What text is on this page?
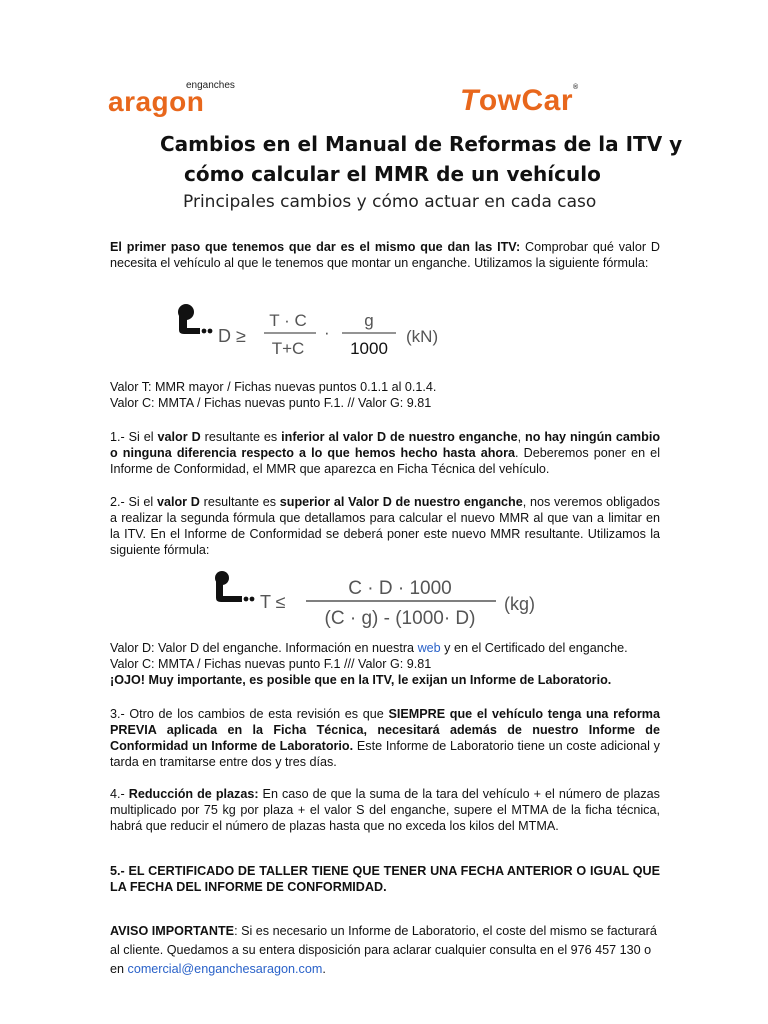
enganches
aragon	TowCar®
Cambios en el Manual de Reformas de la ITV y
cómo calcular el MMR de un vehículo
Principales cambios y cómo actuar en cada caso
El primer paso que tenemos que dar es el mismo que dan las ITV: Comprobar qué valor D necesita el vehículo al que le tenemos que montar un enganche. Utilizamos la siguiente fórmula:
D ≥
T · C
T+C
·
g
1000
(kN)
Valor T: MMR mayor / Fichas nuevas puntos 0.1.1 al 0.1.4.
Valor C: MMTA / Fichas nuevas punto F.1. // Valor G: 9.81
1.- Si el valor D resultante es inferior al valor D de nuestro enganche, no hay ningún cambio o ninguna diferencia respecto a lo que hemos hecho hasta ahora. Deberemos poner en el Informe de Conformidad, el MMR que aparezca en Ficha Técnica del vehículo.
2.- Si el valor D resultante es superior al Valor D de nuestro enganche, nos veremos obligados a realizar la segunda fórmula que detallamos para calcular el nuevo MMR al que van a limitar en la ITV. En el Informe de Conformidad se deberá poner este nuevo MMR resultante. Utilizamos la siguiente fórmula:
T ≤
C · D · 1000
(C · g) - (1000· D)
(kg)
Valor D: Valor D del enganche. Información en nuestra web y en el Certificado del enganche.
Valor C: MMTA / Fichas nuevas punto F.1 /// Valor G: 9.81
¡OJO! Muy importante, es posible que en la ITV, le exijan un Informe de Laboratorio.
3.- Otro de los cambios de esta revisión es que SIEMPRE que el vehículo tenga una reforma PREVIA aplicada en la Ficha Técnica, necesitará además de nuestro Informe de Conformidad un Informe de Laboratorio. Este Informe de Laboratorio tiene un coste adicional y tarda en tramitarse entre dos y tres días.
4.- Reducción de plazas: En caso de que la suma de la tara del vehículo + el número de plazas multiplicado por 75 kg por plaza + el valor S del enganche, supere el MTMA de la ficha técnica, habrá que reducir el número de plazas hasta que no exceda los kilos del MTMA.
5.- EL CERTIFICADO DE TALLER TIENE QUE TENER UNA FECHA ANTERIOR O IGUAL QUE LA FECHA DEL INFORME DE CONFORMIDAD.
AVISO IMPORTANTE: Si es necesario un Informe de Laboratorio, el coste del mismo se facturará al cliente. Quedamos a su entera disposición para aclarar cualquier consulta en el 976 457 130 o en comercial@enganchesaragon.com.
